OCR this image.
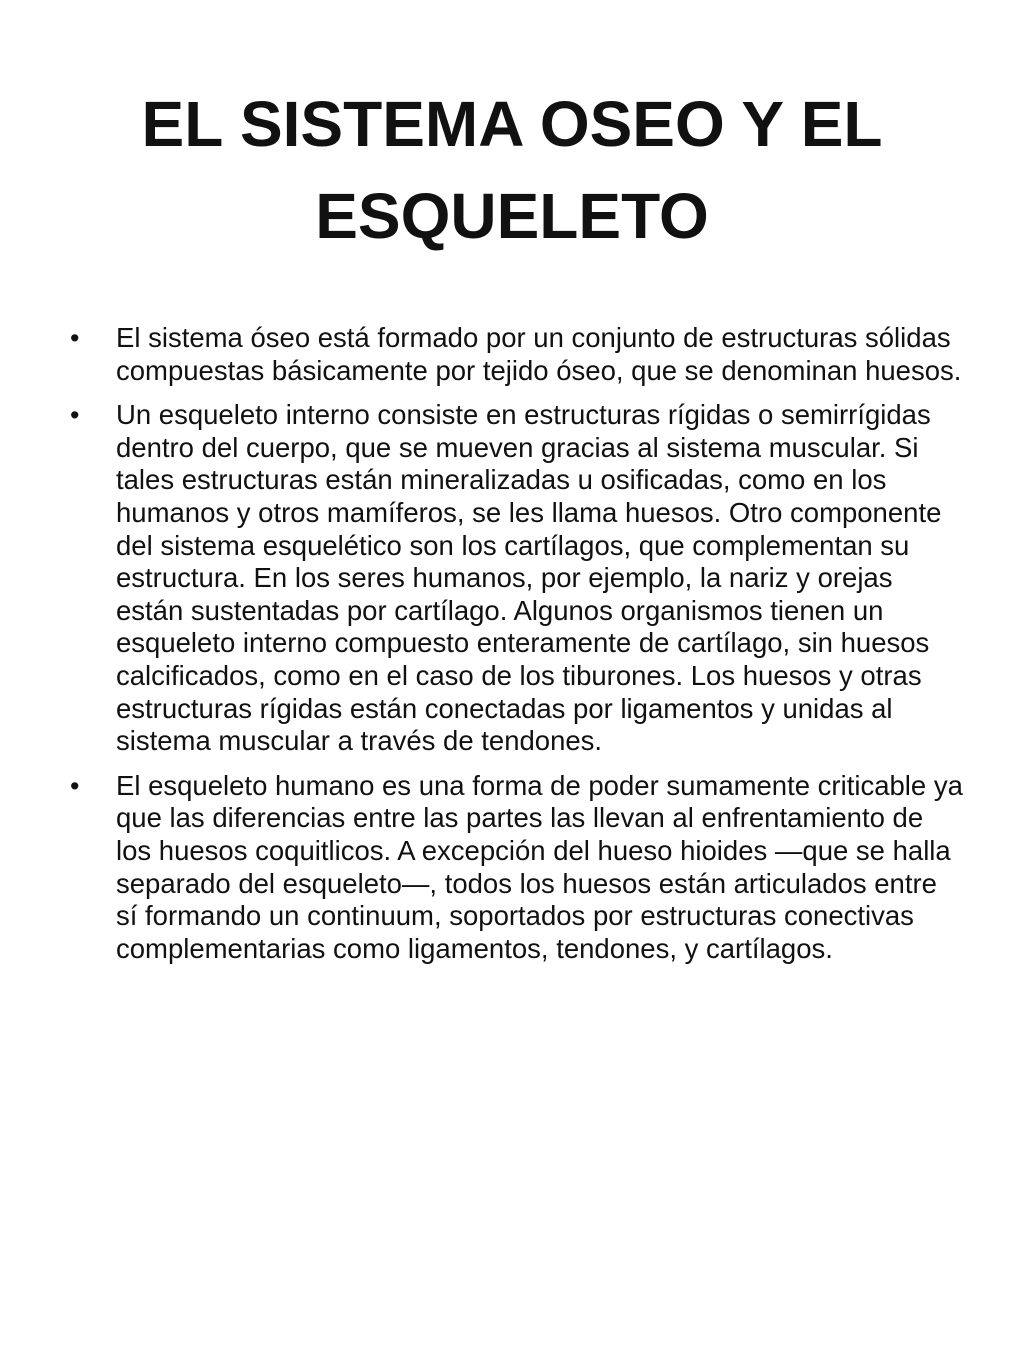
EL SISTEMA OSEO Y EL ESQUELETO
• El sistema óseo está formado por un conjunto de estructuras sólidas compuestas básicamente por tejido óseo, que se denominan huesos.
• Un esqueleto interno consiste en estructuras rígidas o semirrígidas dentro del cuerpo, que se mueven gracias al sistema muscular. Si tales estructuras están mineralizadas u osificadas, como en los humanos y otros mamíferos, se les llama huesos. Otro componente del sistema esquelético son los cartílagos, que complementan su estructura. En los seres humanos, por ejemplo, la nariz y orejas están sustentadas por cartílago. Algunos organismos tienen un esqueleto interno compuesto enteramente de cartílago, sin huesos calcificados, como en el caso de los tiburones. Los huesos y otras estructuras rígidas están conectadas por ligamentos y unidas al sistema muscular a través de tendones.
• El esqueleto humano es una forma de poder sumamente criticable ya que las diferencias entre las partes las llevan al enfrentamiento de los huesos coquitlicos. A excepción del hueso hioides —que se halla separado del esqueleto—, todos los huesos están articulados entre sí formando un continuum, soportados por estructuras conectivas complementarias como ligamentos, tendones, y cartílagos.
